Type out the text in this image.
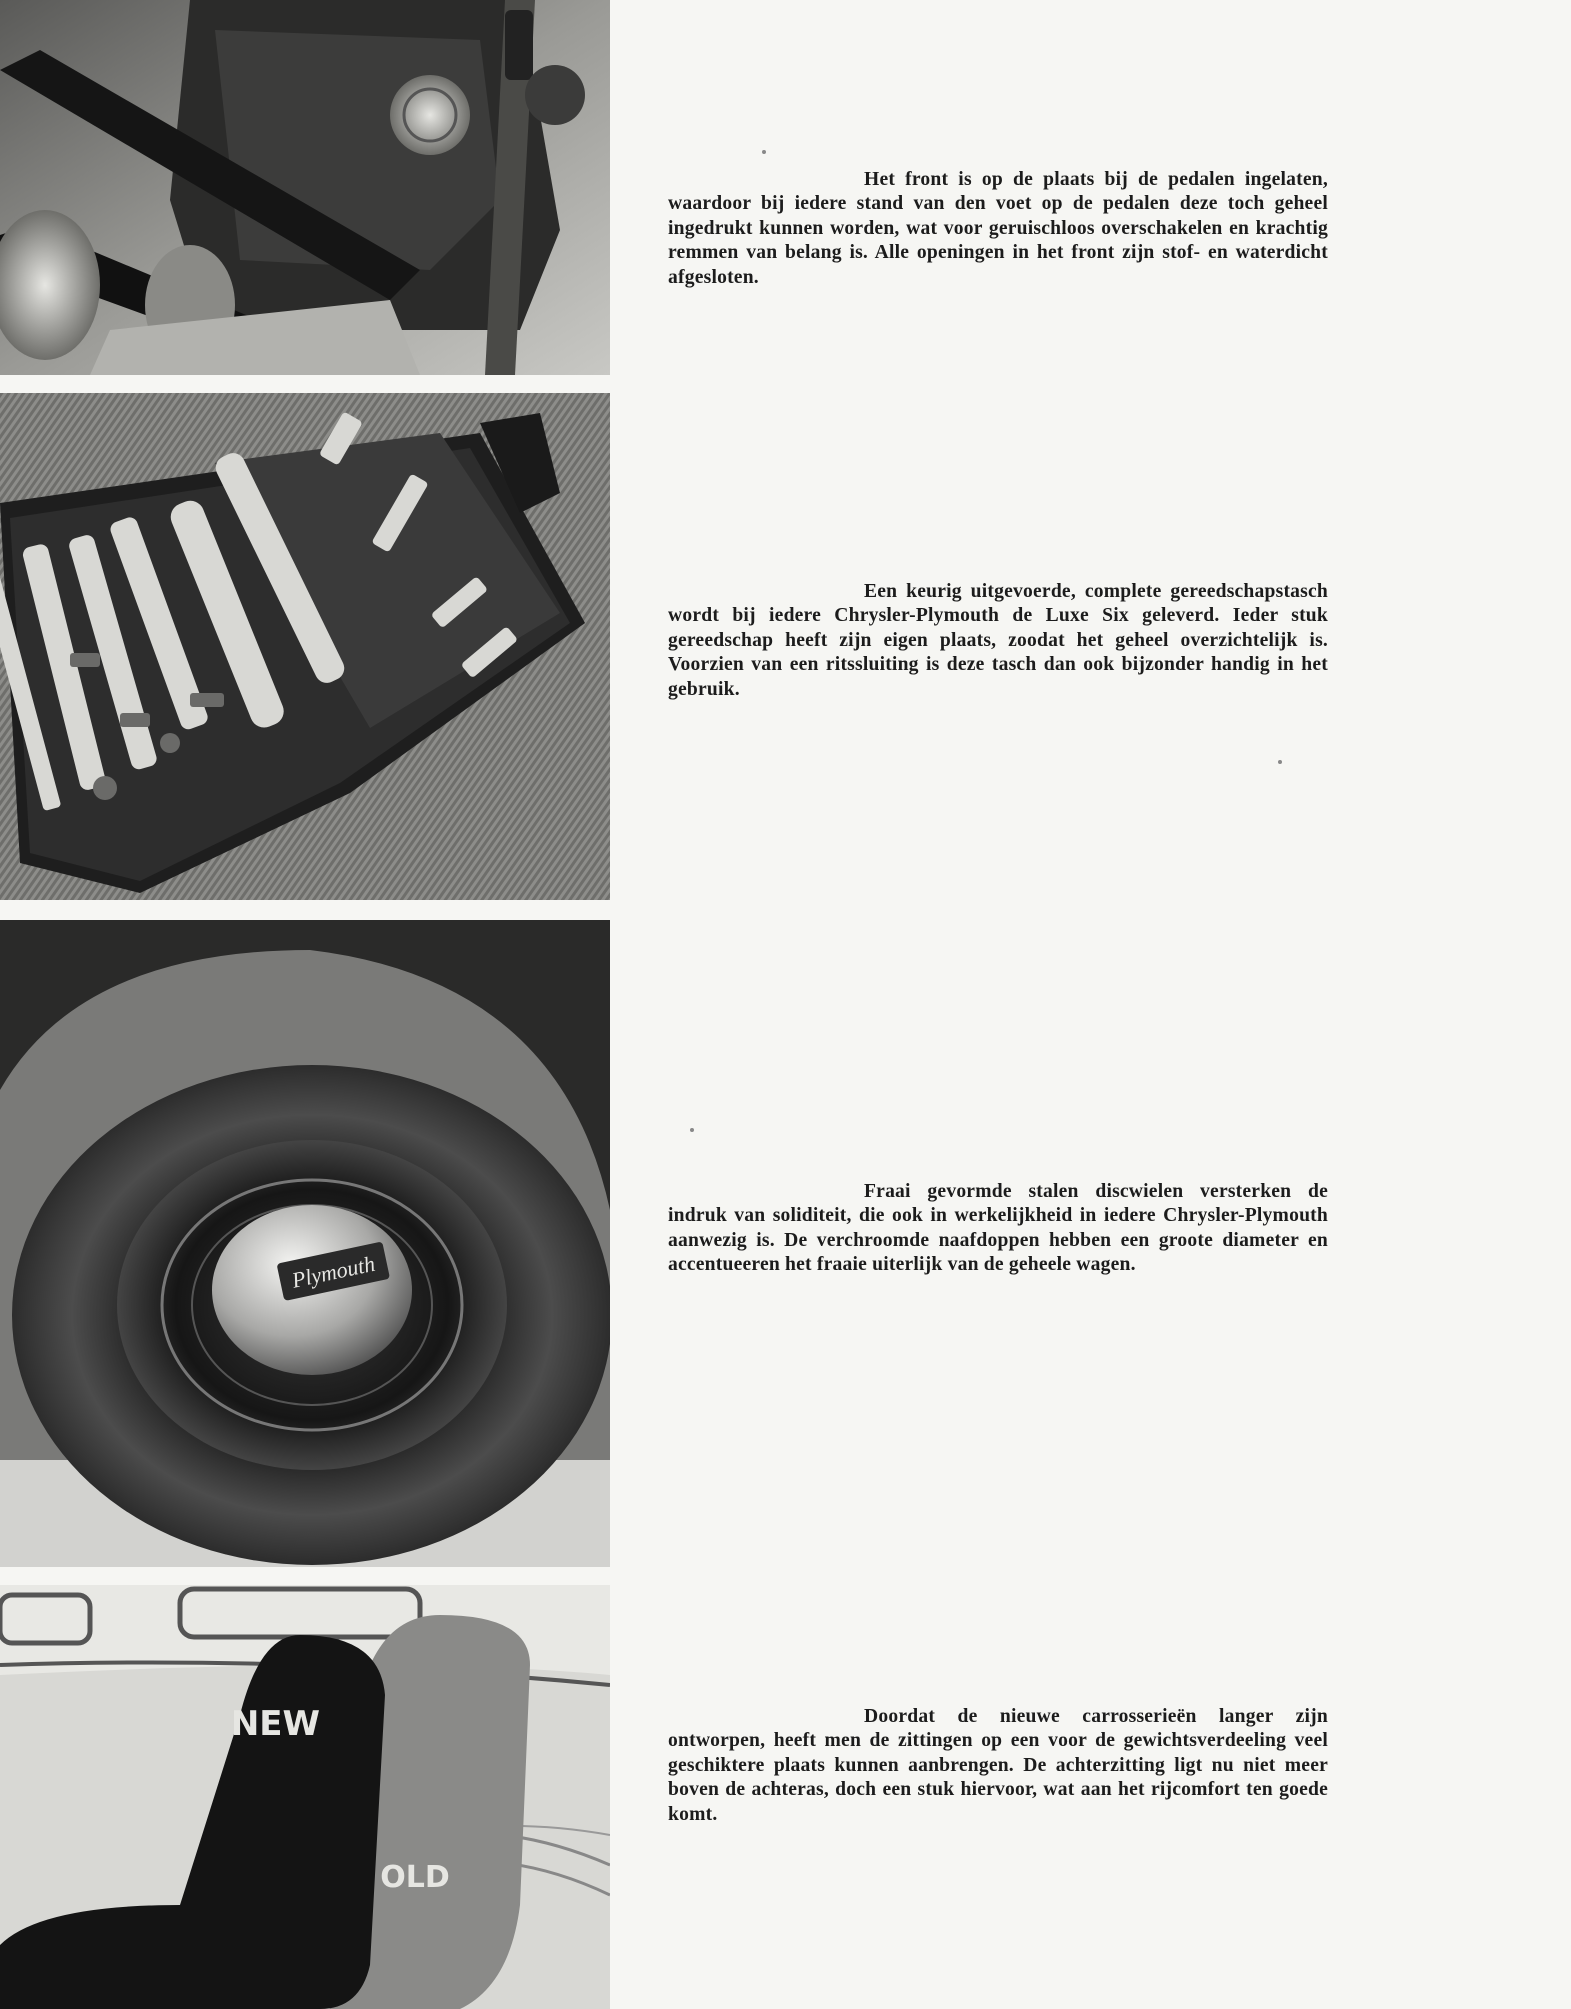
Plymouth
NEW
OLD

Het front is op de plaats bij de pedalen ingelaten, waardoor bij iedere stand van den voet op de pedalen deze toch geheel ingedrukt kunnen worden, wat voor geruischloos overschakelen en krachtig remmen van belang is. Alle openingen in het front zijn stof- en waterdicht afgesloten.

Een keurig uitgevoerde, complete gereedschapstasch wordt bij iedere Chrysler-Plymouth de Luxe Six geleverd. Ieder stuk gereedschap heeft zijn eigen plaats, zoodat het geheel overzichtelijk is. Voorzien van een ritssluiting is deze tasch dan ook bijzonder handig in het gebruik.

Fraai gevormde stalen discwielen versterken de indruk van soliditeit, die ook in werkelijkheid in iedere Chrysler-Plymouth aanwezig is. De verchroomde naafdoppen hebben een groote diameter en accentueeren het fraaie uiterlijk van de geheele wagen.

Doordat de nieuwe carrosserieën langer zijn ontworpen, heeft men de zittingen op een voor de gewichtsverdeeling veel geschiktere plaats kunnen aanbrengen. De achterzitting ligt nu niet meer boven de achteras, doch een stuk hiervoor, wat aan het rijcomfort ten goede komt.
